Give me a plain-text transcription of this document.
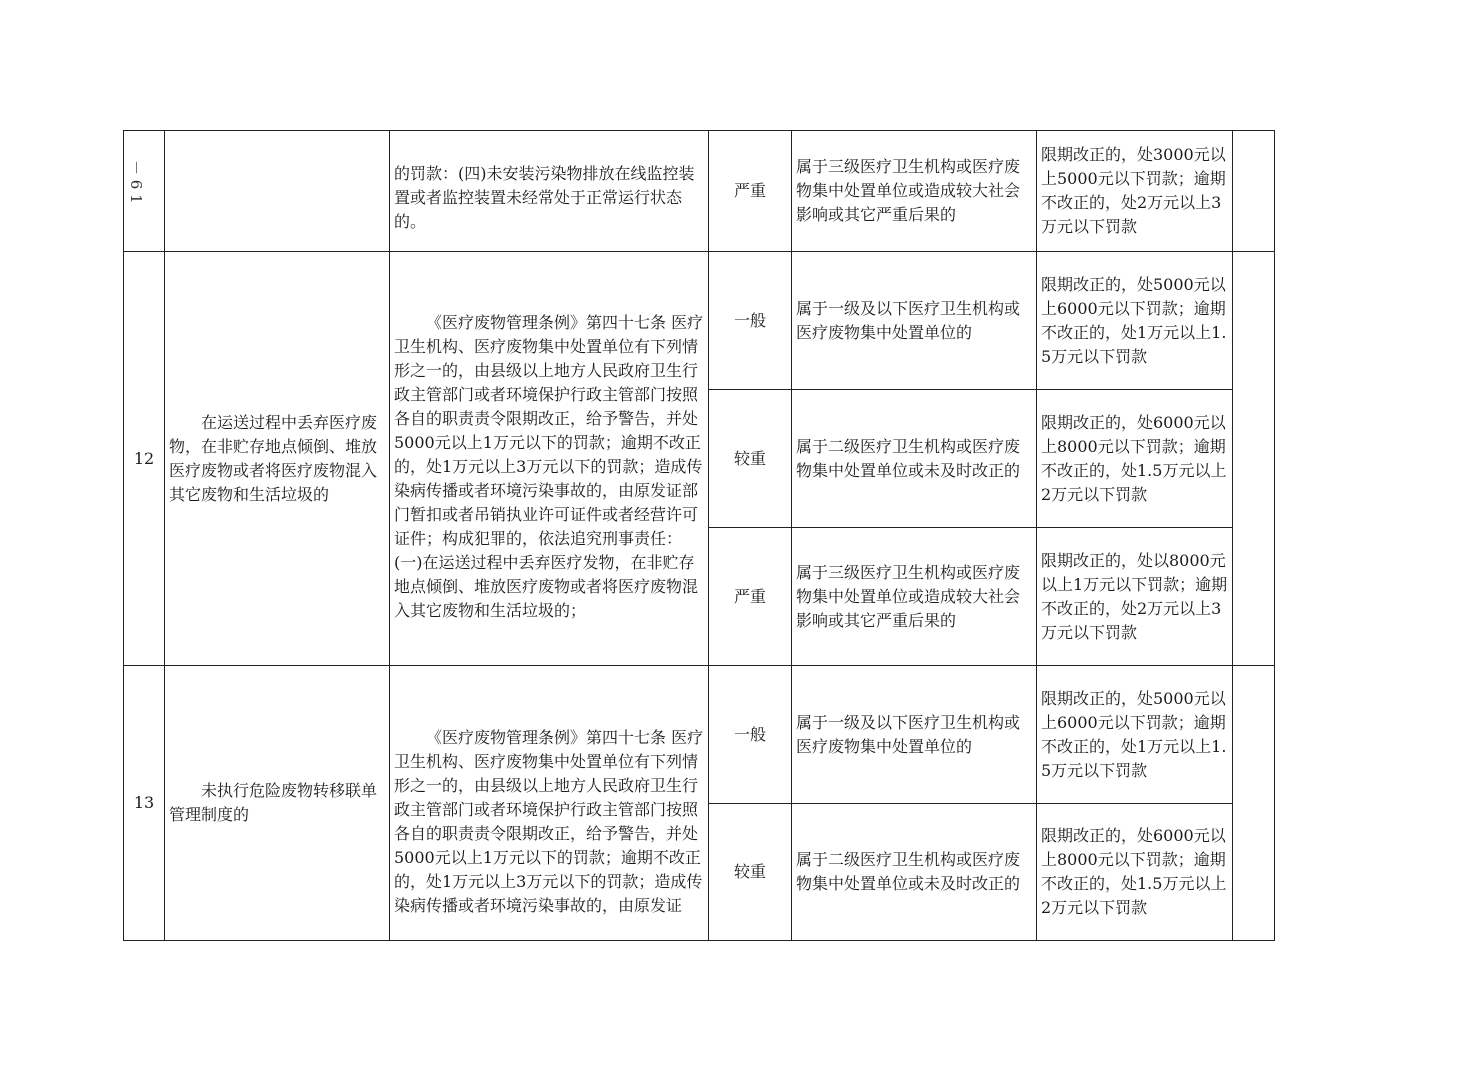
－ 6 1

		的罚款：(四)未安装污染物排放在线监控装置或者监控装置未经常处于正常运行状态的。	严重	属于三级医疗卫生机构或医疗废物集中处置单位或造成较大社会影响或其它严重后果的	限期改正的，处3000元以上5000元以下罚款；逾期不改正的，处2万元以上3万元以下罚款	
12	在运送过程中丢弃医疗废物，在非贮存地点倾倒、堆放医疗废物或者将医疗废物混入其它废物和生活垃圾的	《医疗废物管理条例》第四十七条 医疗卫生机构、医疗废物集中处置单位有下列情形之一的，由县级以上地方人民政府卫生行政主管部门或者环境保护行政主管部门按照各自的职责责令限期改正，给予警告，并处5000元以上1万元以下的罚款；逾期不改正的，处1万元以上3万元以下的罚款；造成传染病传播或者环境污染事故的，由原发证部门暂扣或者吊销执业许可证件或者经营许可证件；构成犯罪的，依法追究刑事责任：(一)在运送过程中丢弃医疗发物，在非贮存地点倾倒、堆放医疗废物或者将医疗废物混入其它废物和生活垃圾的；	一般	属于一级及以下医疗卫生机构或医疗废物集中处置单位的	限期改正的，处5000元以上6000元以下罚款；逾期不改正的，处1万元以上1.5万元以下罚款	
			较重	属于二级医疗卫生机构或医疗废物集中处置单位或未及时改正的	限期改正的，处6000元以上8000元以下罚款；逾期不改正的，处1.5万元以上2万元以下罚款	
			严重	属于三级医疗卫生机构或医疗废物集中处置单位或造成较大社会影响或其它严重后果的	限期改正的，处以8000元以上1万元以下罚款；逾期不改正的，处2万元以上3万元以下罚款	
13	未执行危险废物转移联单管理制度的	《医疗废物管理条例》第四十七条 医疗卫生机构、医疗废物集中处置单位有下列情形之一的，由县级以上地方人民政府卫生行政主管部门或者环境保护行政主管部门按照各自的职责责令限期改正，给予警告，并处5000元以上1万元以下的罚款；逾期不改正的，处1万元以上3万元以下的罚款；造成传染病传播或者环境污染事故的，由原发证	一般	属于一级及以下医疗卫生机构或医疗废物集中处置单位的	限期改正的，处5000元以上6000元以下罚款；逾期不改正的，处1万元以上1.5万元以下罚款	
			较重	属于二级医疗卫生机构或医疗废物集中处置单位或未及时改正的	限期改正的，处6000元以上8000元以下罚款；逾期不改正的，处1.5万元以上2万元以下罚款	
